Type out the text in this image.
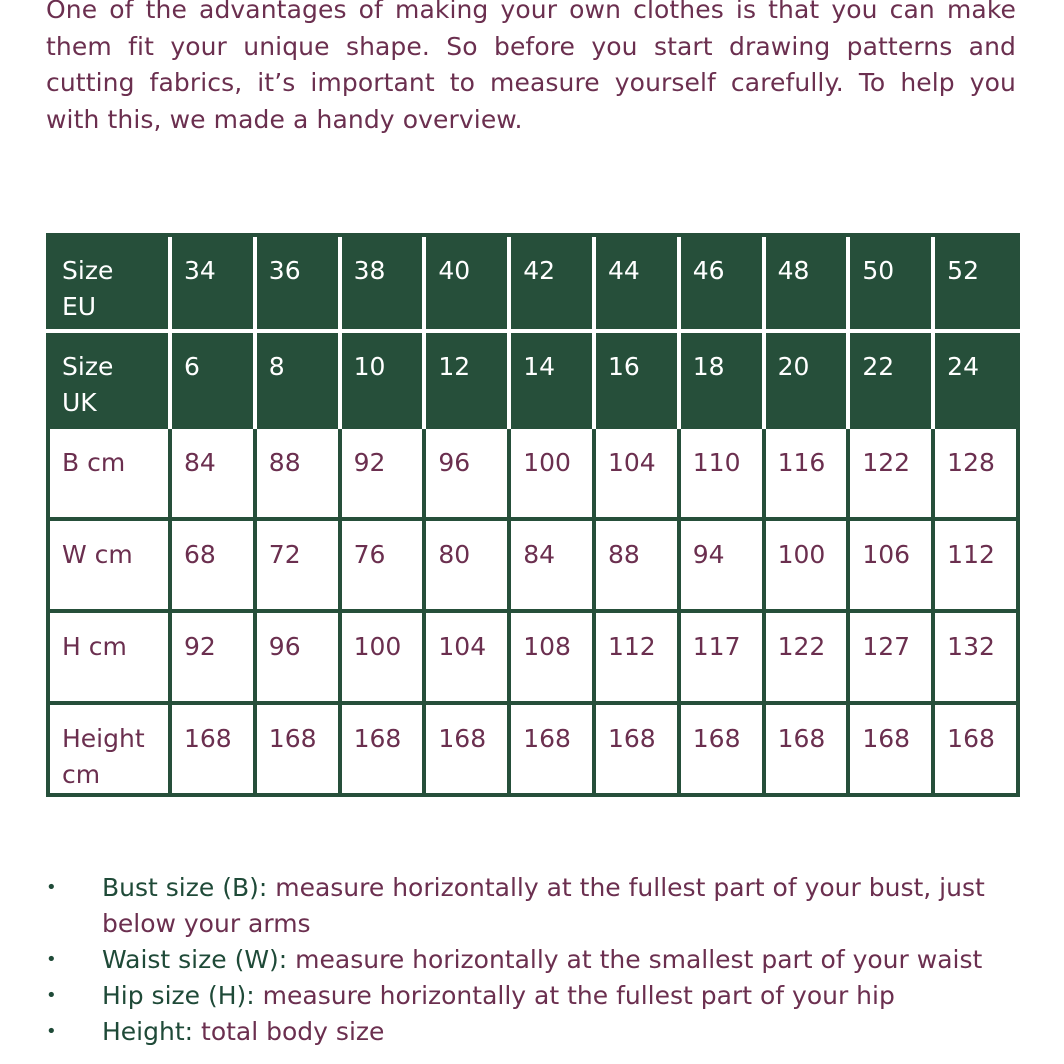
One of the advantages of making your own clothes is that you can make
them fit your unique shape. So before you start drawing patterns and
cutting fabrics, it’s important to measure yourself carefully. To help you
with this, we made a handy overview.

Size EU	34	36	38	40	42	44	46	48	50	52
Size UK	6	8	10	12	14	16	18	20	22	24
B cm	84	88	92	96	100	104	110	116	122	128
W cm	68	72	76	80	84	88	94	100	106	112
H cm	92	96	100	104	108	112	117	122	127	132
Height cm	168	168	168	168	168	168	168	168	168	168
• Bust size (B): measure horizontally at the fullest part of your bust, just below your arms
• Waist size (W): measure horizontally at the smallest part of your waist
• Hip size (H): measure horizontally at the fullest part of your hip
• Height: total body size
